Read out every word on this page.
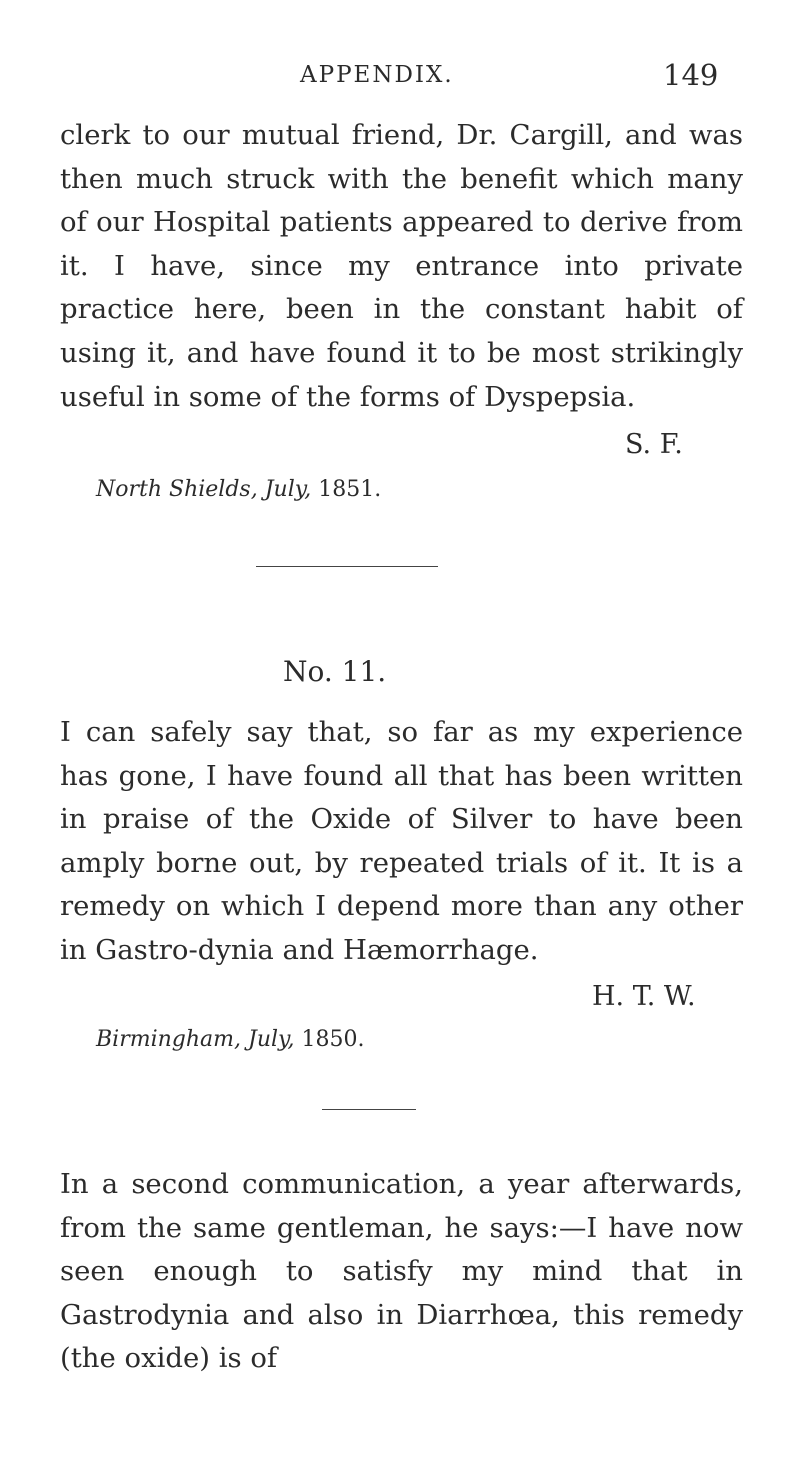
APPENDIX.	149

clerk to our mutual friend, Dr. Cargill, and was then much struck with the benefit which many of our Hospital patients appeared to derive from it. I have, since my entrance into private practice here, been in the constant habit of using it, and have found it to be most strikingly useful in some of the forms of Dyspepsia.

S. F.
North Shields, July, 1851.
No. 11.

I can safely say that, so far as my experience has gone, I have found all that has been written in praise of the Oxide of Silver to have been amply borne out, by repeated trials of it. It is a remedy on which I depend more than any other in Gastro-dynia and Hæmorrhage.

H. T. W.
Birmingham, July, 1850.

In a second communication, a year afterwards, from the same gentleman, he says:—I have now seen enough to satisfy my mind that in Gastrodynia and also in Diarrhœa, this remedy (the oxide) is of
